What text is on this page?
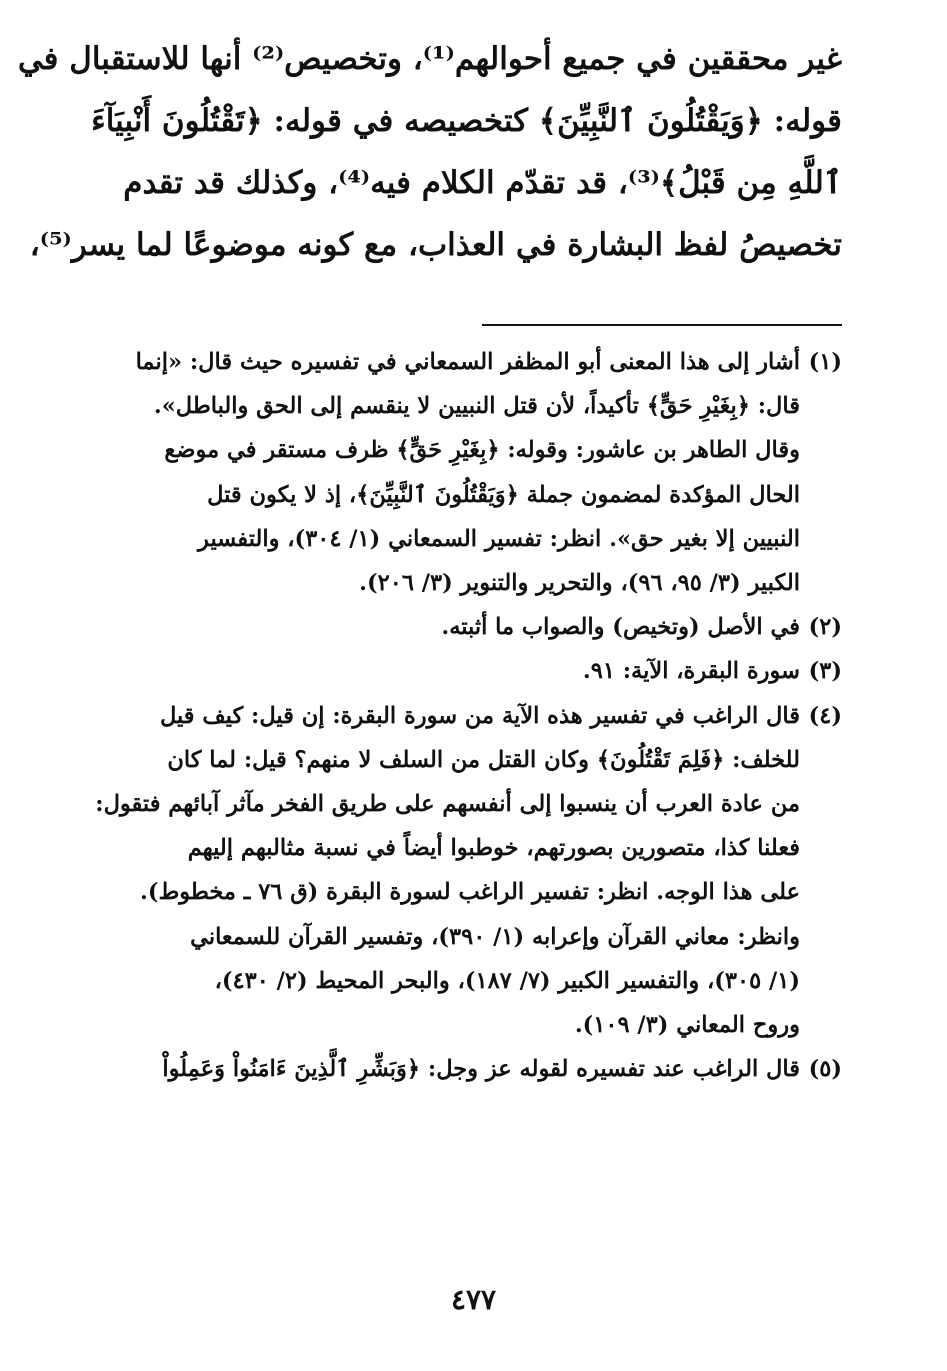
غير محققين في جميع أحوالهم⁽¹⁾، وتخصيص⁽²⁾ أنها للاستقبال في
قوله: ﴿وَيَقْتُلُونَ ٱلنَّبِيِّنَ﴾ كتخصيصه في قوله: ﴿تَقْتُلُونَ أَنْبِيَآءَ
ٱللَّهِ مِن قَبْلُ﴾⁽³⁾، قد تقدّم الكلام فيه⁽⁴⁾، وكذلك قد تقدم
تخصيصُ لفظ البشارة في العذاب، مع كونه موضوعًا لما يسر⁽⁵⁾،
(١)
أشار إلى هذا المعنى أبو المظفر السمعاني في تفسيره حيث قال: «إنما
قال: ﴿بِغَيْرِ حَقٍّ﴾ تأكيداً، لأن قتل النبيين لا ينقسم إلى الحق والباطل».
وقال الطاهر بن عاشور: وقوله: ﴿بِغَيْرِ حَقٍّ﴾ ظرف مستقر في موضع
الحال المؤكدة لمضمون جملة ﴿وَيَقْتُلُونَ ٱلنَّبِيِّنَ﴾، إذ لا يكون قتل
النبيين إلا بغير حق». انظر: تفسير السمعاني (١/ ٣٠٤)، والتفسير
الكبير (٣/ ٩٥، ٩٦)، والتحرير والتنوير (٣/ ٢٠٦).
(٢)
في الأصل (وتخيص) والصواب ما أثبته.
(٣)
سورة البقرة، الآية: ٩١.
(٤)
قال الراغب في تفسير هذه الآية من سورة البقرة: إن قيل: كيف قيل
للخلف: ﴿فَلِمَ تَقْتُلُونَ﴾ وكان القتل من السلف لا منهم؟ قيل: لما كان
من عادة العرب أن ينسبوا إلى أنفسهم على طريق الفخر مآثر آبائهم فتقول:
فعلنا كذا، متصورين بصورتهم، خوطبوا أيضاً في نسبة مثالبهم إليهم
على هذا الوجه. انظر: تفسير الراغب لسورة البقرة (ق ٧٦ ـ مخطوط).
وانظر: معاني القرآن وإعرابه (١/ ٣٩٠)، وتفسير القرآن للسمعاني
(١/ ٣٠٥)، والتفسير الكبير (٧/ ١٨٧)، والبحر المحيط (٢/ ٤٣٠)،
وروح المعاني (٣/ ١٠٩).
(٥)
قال الراغب عند تفسيره لقوله عز وجل: ﴿وَبَشِّرِ ٱلَّذِينَ ءَامَنُواْ وَعَمِلُواْ
٤٧٧
